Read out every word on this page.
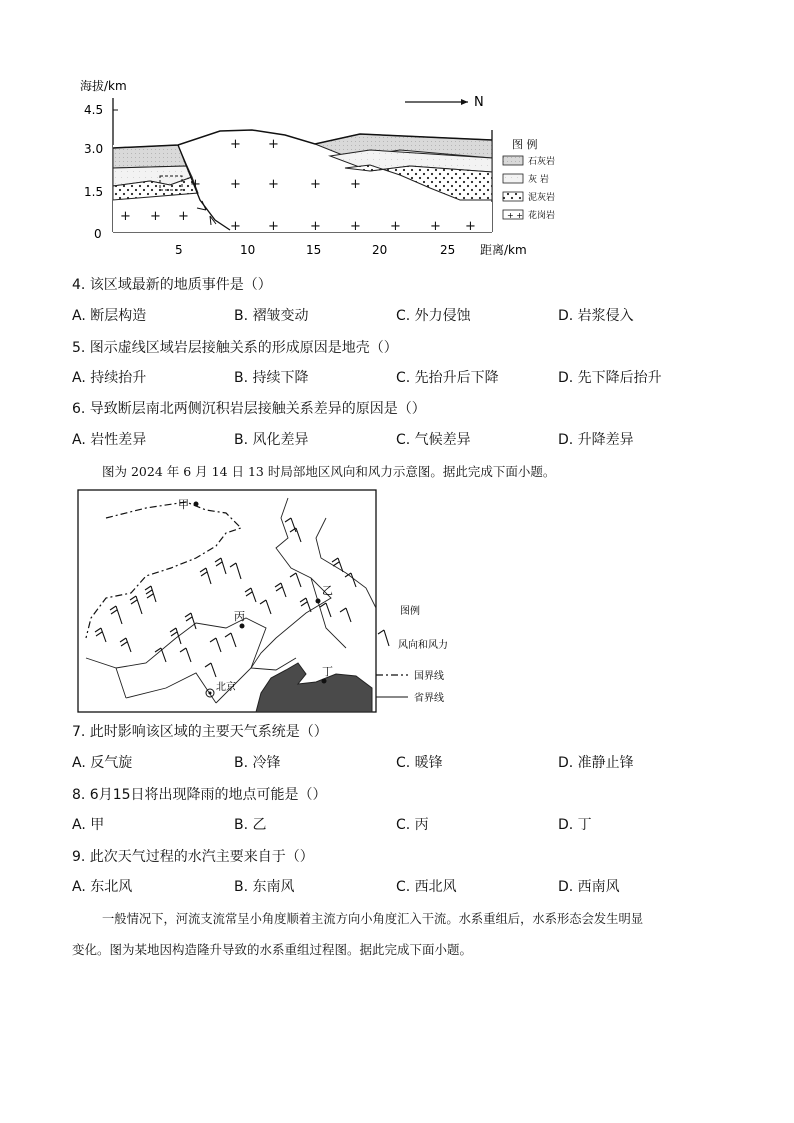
海拔/km
4.5
3.0
1.5
0
+ +
+ + + +
+
+ + +
+ + + + + + +
5	10	15	20	25 距离/km
N
图 例
石灰岩
灰 岩
泥灰岩
+ + 花岗岩
4. 该区域最新的地质事件是（）
A. 断层构造	B. 褶皱变动	C. 外力侵蚀	D. 岩浆侵入
5. 图示虚线区域岩层接触关系的形成原因是地壳（）
A. 持续抬升	B. 持续下降	C. 先抬升后下降	D. 先下降后抬升
6. 导致断层南北两侧沉积岩层接触关系差异的原因是（）
A. 岩性差异	B. 风化差异	C. 气候差异	D. 升降差异
图为 2024 年 6 月 14 日 13 时局部地区风向和风力示意图。据此完成下面小题。
甲
乙
丙
丁
北京
图例
风向和风力
国界线
省界线
7. 此时影响该区域的主要天气系统是（）
A. 反气旋	B. 冷锋	C. 暖锋	D. 准静止锋
8. 6月15日将出现降雨的地点可能是（）
A. 甲	B. 乙	C. 丙	D. 丁
9. 此次天气过程的水汽主要来自于（）
A. 东北风	B. 东南风	C. 西北风	D. 西南风
一般情况下，河流支流常呈小角度顺着主流方向小角度汇入干流。水系重组后，水系形态会发生明显
变化。图为某地因构造隆升导致的水系重组过程图。据此完成下面小题。
